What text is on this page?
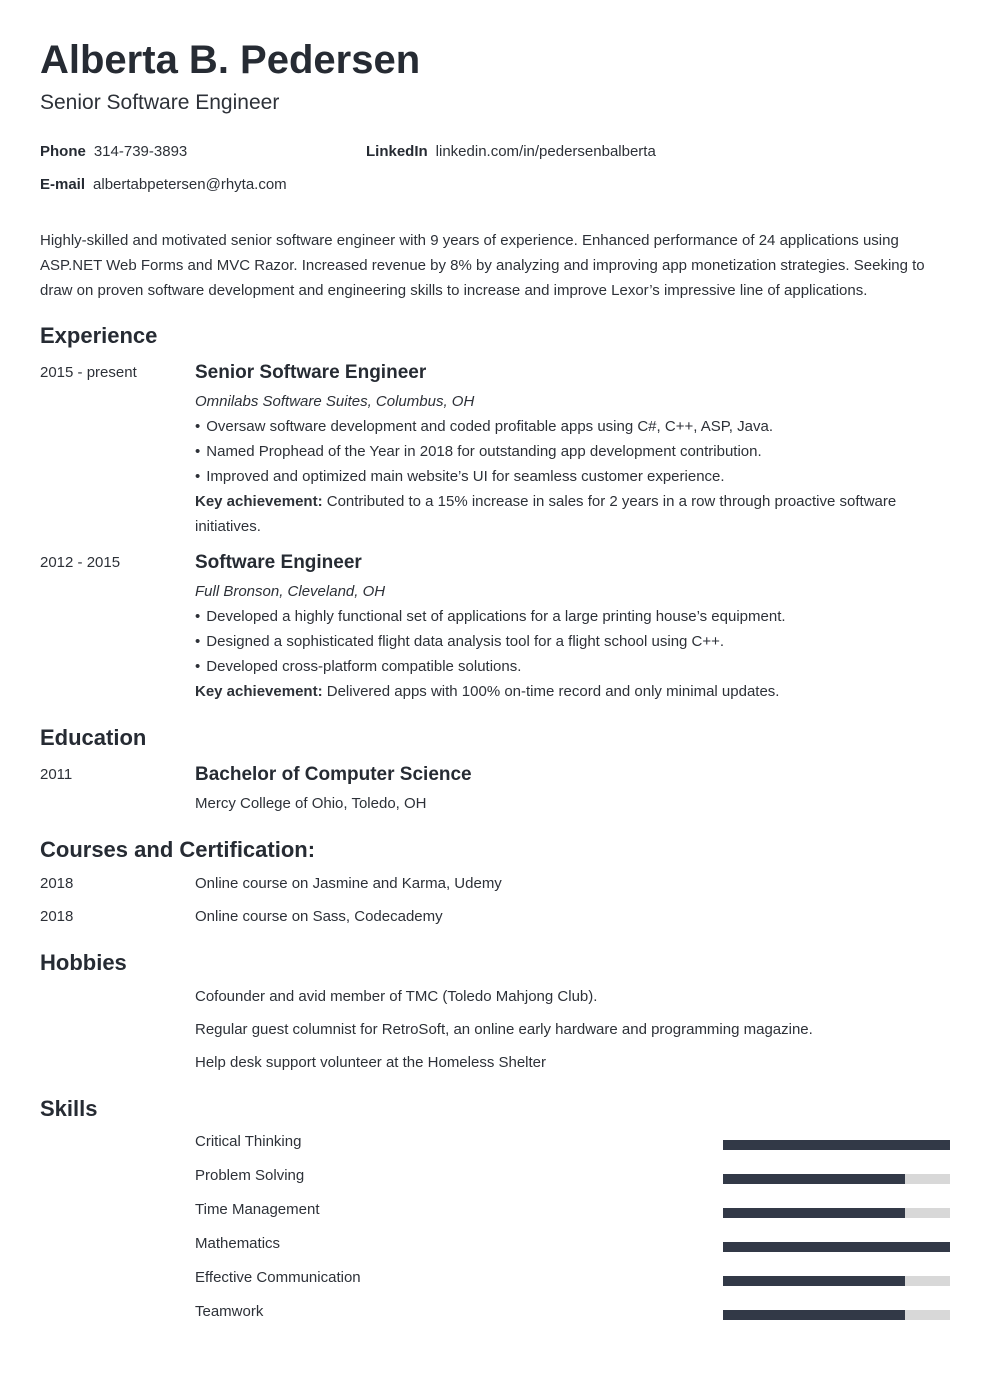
Alberta B. Pedersen
Senior Software Engineer
Phone 314-739-3893	LinkedIn linkedin.com/in/pedersenbalberta
E-mail albertabpetersen@rhyta.com
Highly-skilled and motivated senior software engineer with 9 years of experience. Enhanced performance of 24 applications using ASP.NET Web Forms and MVC Razor. Increased revenue by 8% by analyzing and improving app monetization strategies. Seeking to draw on proven software development and engineering skills to increase and improve Lexor’s impressive line of applications.
Experience
2015 - present	Senior Software Engineer
Omnilabs Software Suites, Columbus, OH
• Oversaw software development and coded profitable apps using C#, C++, ASP, Java.
• Named Prophead of the Year in 2018 for outstanding app development contribution.
• Improved and optimized main website’s UI for seamless customer experience.
Key achievement: Contributed to a 15% increase in sales for 2 years in a row through proactive software initiatives.
2012 - 2015	Software Engineer
Full Bronson, Cleveland, OH
• Developed a highly functional set of applications for a large printing house’s equipment.
• Designed a sophisticated flight data analysis tool for a flight school using C++.
• Developed cross-platform compatible solutions.
Key achievement: Delivered apps with 100% on-time record and only minimal updates.
Education
2011	Bachelor of Computer Science
Mercy College of Ohio, Toledo, OH
Courses and Certification:
2018	Online course on Jasmine and Karma, Udemy
2018	Online course on Sass, Codecademy
Hobbies
Cofounder and avid member of TMC (Toledo Mahjong Club).
Regular guest columnist for RetroSoft, an online early hardware and programming magazine.
Help desk support volunteer at the Homeless Shelter
Skills
Critical Thinking
Problem Solving
Time Management
Mathematics
Effective Communication
Teamwork
